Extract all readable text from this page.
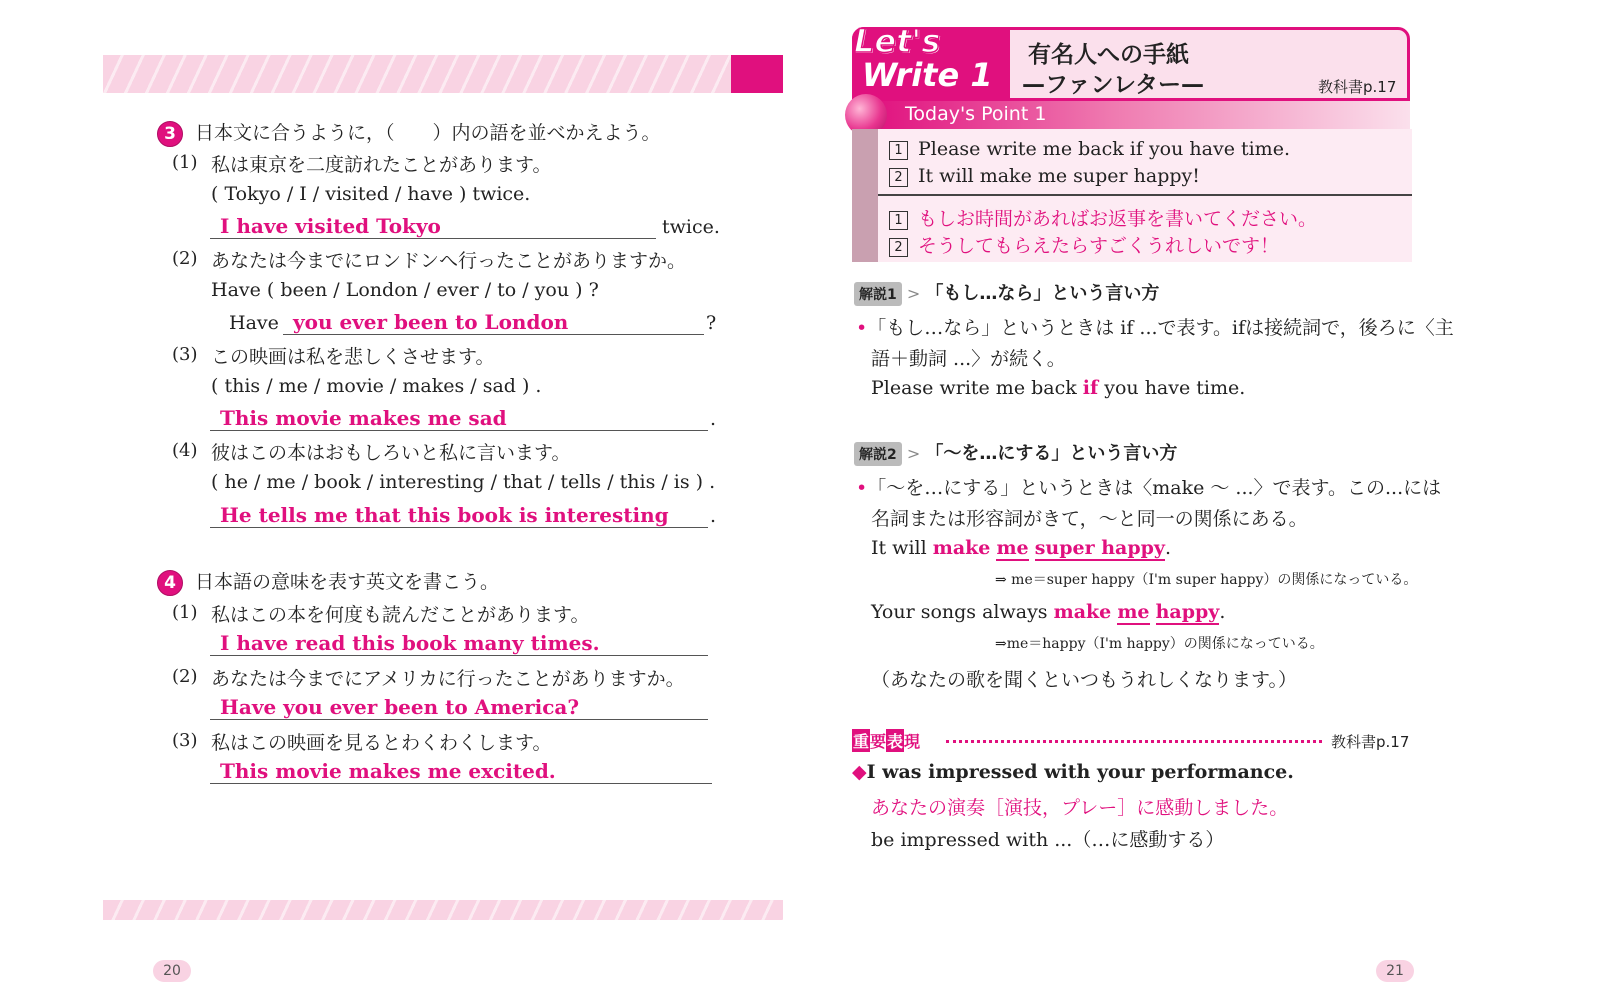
3 日本文に合うように，（　　）内の語を並べかえよう。
(1) 私は東京を二度訪れたことがあります。
( Tokyo / I / visited / have ) twice.
I have visited Tokyo	twice.
(2) あなたは今までにロンドンへ行ったことがありますか。
Have ( been / London / ever / to / you ) ?
Have you ever been to London	?
(3) この映画は私を悲しくさせます。
( this / me / movie / makes / sad ) .
This movie makes me sad	.
(4) 彼はこの本はおもしろいと私に言います。
( he / me / book / interesting / that / tells / this / is ) .
He tells me that this book is interesting .
4 日本語の意味を表す英文を書こう。
(1) 私はこの本を何度も読んだことがあります。
I have read this book many times.
(2) あなたは今までにアメリカに行ったことがありますか。
Have you ever been to America?
(3) 私はこの映画を見るとわくわくします。
This movie makes me excited.
20
Let's
Write 1
有名人への手紙
—ファンレター—	教科書p.17
Today's Point 1
1 Please write me back if you have time.
2 It will make me super happy!
1 もしお時間があればお返事を書いてください。
2 そうしてもらえたらすごくうれしいです！
解説1 > 「もし…なら」という言い方
•「もし…なら」というときは if ...で表す。ifは接続詞で，後ろに〈主
語＋動詞 ...〉が続く。
Please write me back if you have time.
解説2 > 「～を…にする」という言い方
•「～を…にする」というときは〈make ～ ...〉で表す。この...には
名詞または形容詞がきて，～と同一の関係にある。
It will make me super happy.
⇒ me＝super happy（I'm super happy）の関係になっている。
Your songs always make me happy.
⇒me＝happy（I'm happy）の関係になっている。
（あなたの歌を聞くといつもうれしくなります。）
重要表現	教科書p.17
◆I was impressed with your performance.
あなたの演奏［演技，プレー］に感動しました。
be impressed with ...（…に感動する）
21
